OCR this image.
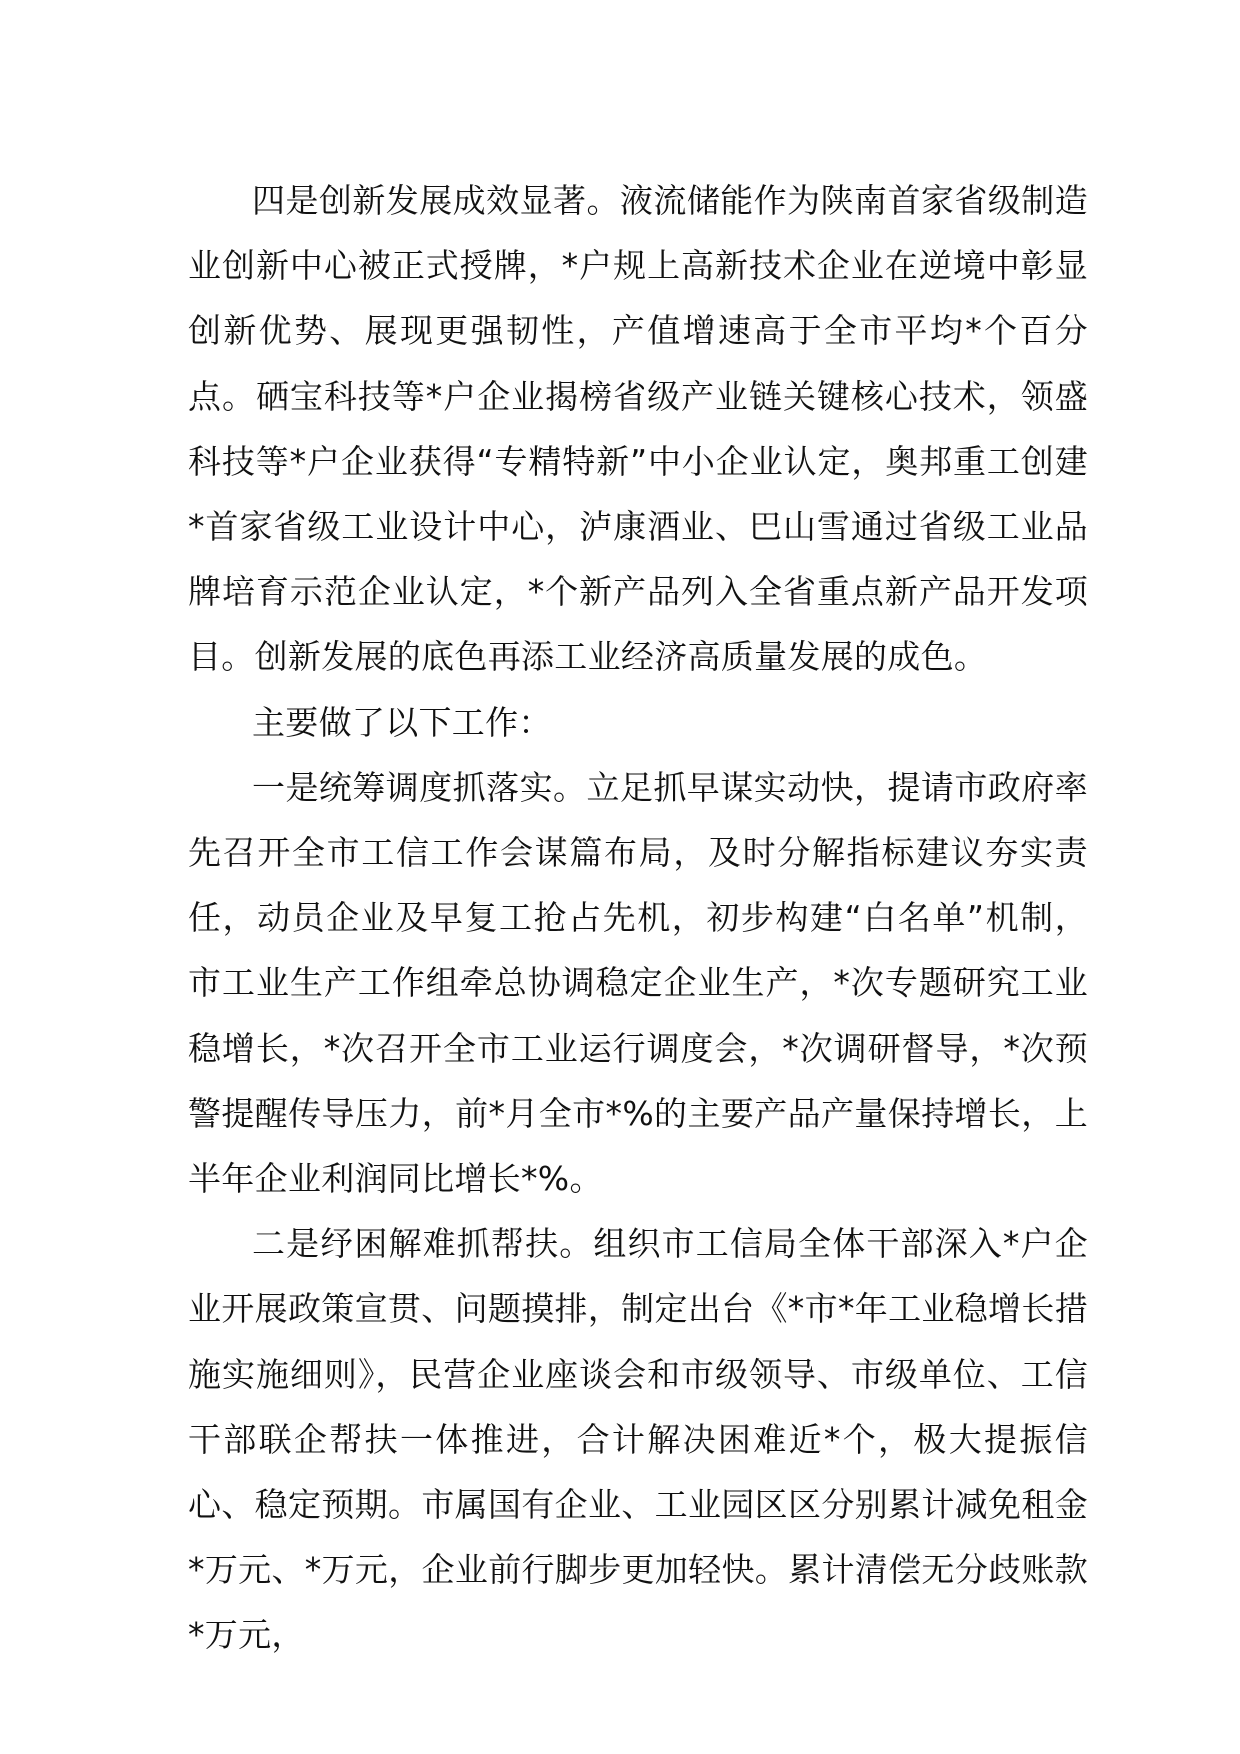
四是创新发展成效显著。液流储能作为陕南首家省级制造业创新中心被正式授牌，*户规上高新技术企业在逆境中彰显创新优势、展现更强韧性，产值增速高于全市平均*个百分点。硒宝科技等*户企业揭榜省级产业链关键核心技术，领盛科技等*户企业获得“专精特新”中小企业认定，奥邦重工创建*首家省级工业设计中心，泸康酒业、巴山雪通过省级工业品牌培育示范企业认定，*个新产品列入全省重点新产品开发项目。创新发展的底色再添工业经济高质量发展的成色。

主要做了以下工作：

一是统筹调度抓落实。立足抓早谋实动快，提请市政府率先召开全市工信工作会谋篇布局，及时分解指标建议夯实责任，动员企业及早复工抢占先机，初步构建“白名单”机制，市工业生产工作组牵总协调稳定企业生产，*次专题研究工业稳增长，*次召开全市工业运行调度会，*次调研督导，*次预警提醒传导压力，前*月全市*%的主要产品产量保持增长，上半年企业利润同比增长*%。

二是纾困解难抓帮扶。组织市工信局全体干部深入*户企业开展政策宣贯、问题摸排，制定出台《*市*年工业稳增长措施实施细则》，民营企业座谈会和市级领导、市级单位、工信干部联企帮扶一体推进，合计解决困难近*个，极大提振信心、稳定预期。市属国有企业、工业园区区分别累计减免租金*万元、*万元，企业前行脚步更加轻快。累计清偿无分歧账款*万元，
